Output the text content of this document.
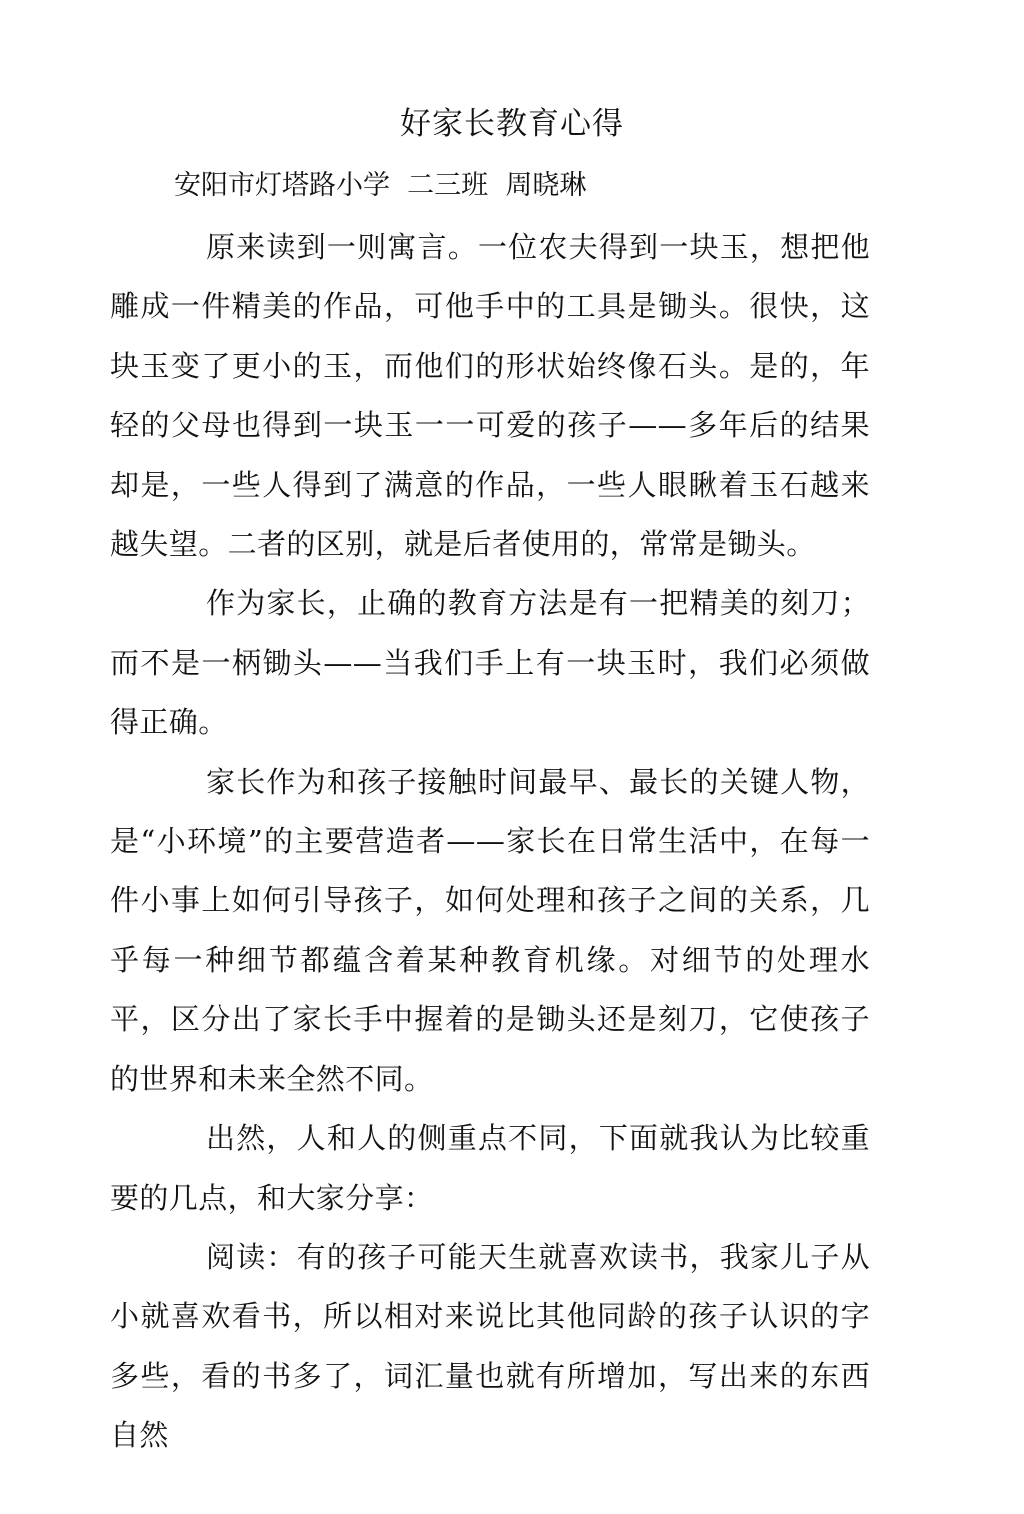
好家长教育心得
安阳市灯塔路小学  二三班  周晓琳

原来读到一则寓言。一位农夫得到一块玉，想把他雕成一件精美的作品，可他手中的工具是锄头。很快，这块玉变了更小的玉，而他们的形状始终像石头。是的，年轻的父母也得到一块玉一一可爱的孩子——多年后的结果却是，一些人得到了满意的作品，一些人眼瞅着玉石越来越失望。二者的区别，就是后者使用的，常常是锄头。

作为家长，止确的教育方法是有一把精美的刻刀；而不是一柄锄头——当我们手上有一块玉时，我们必须做得正确。

家长作为和孩子接触时间最早、最长的关键人物，是“小环境”的主要营造者——家长在日常生活中，在每一件小事上如何引导孩子，如何处理和孩子之间的关系，几乎每一种细节都蕴含着某种教育机缘。对细节的处理水平，区分出了家长手中握着的是锄头还是刻刀，它使孩子的世界和未来全然不同。

出然，人和人的侧重点不同，下面就我认为比较重要的几点，和大家分享：

阅读：有的孩子可能天生就喜欢读书，我家儿子从小就喜欢看书，所以相对来说比其他同龄的孩子认识的字多些，看的书多了，词汇量也就有所增加，写出来的东西自然
